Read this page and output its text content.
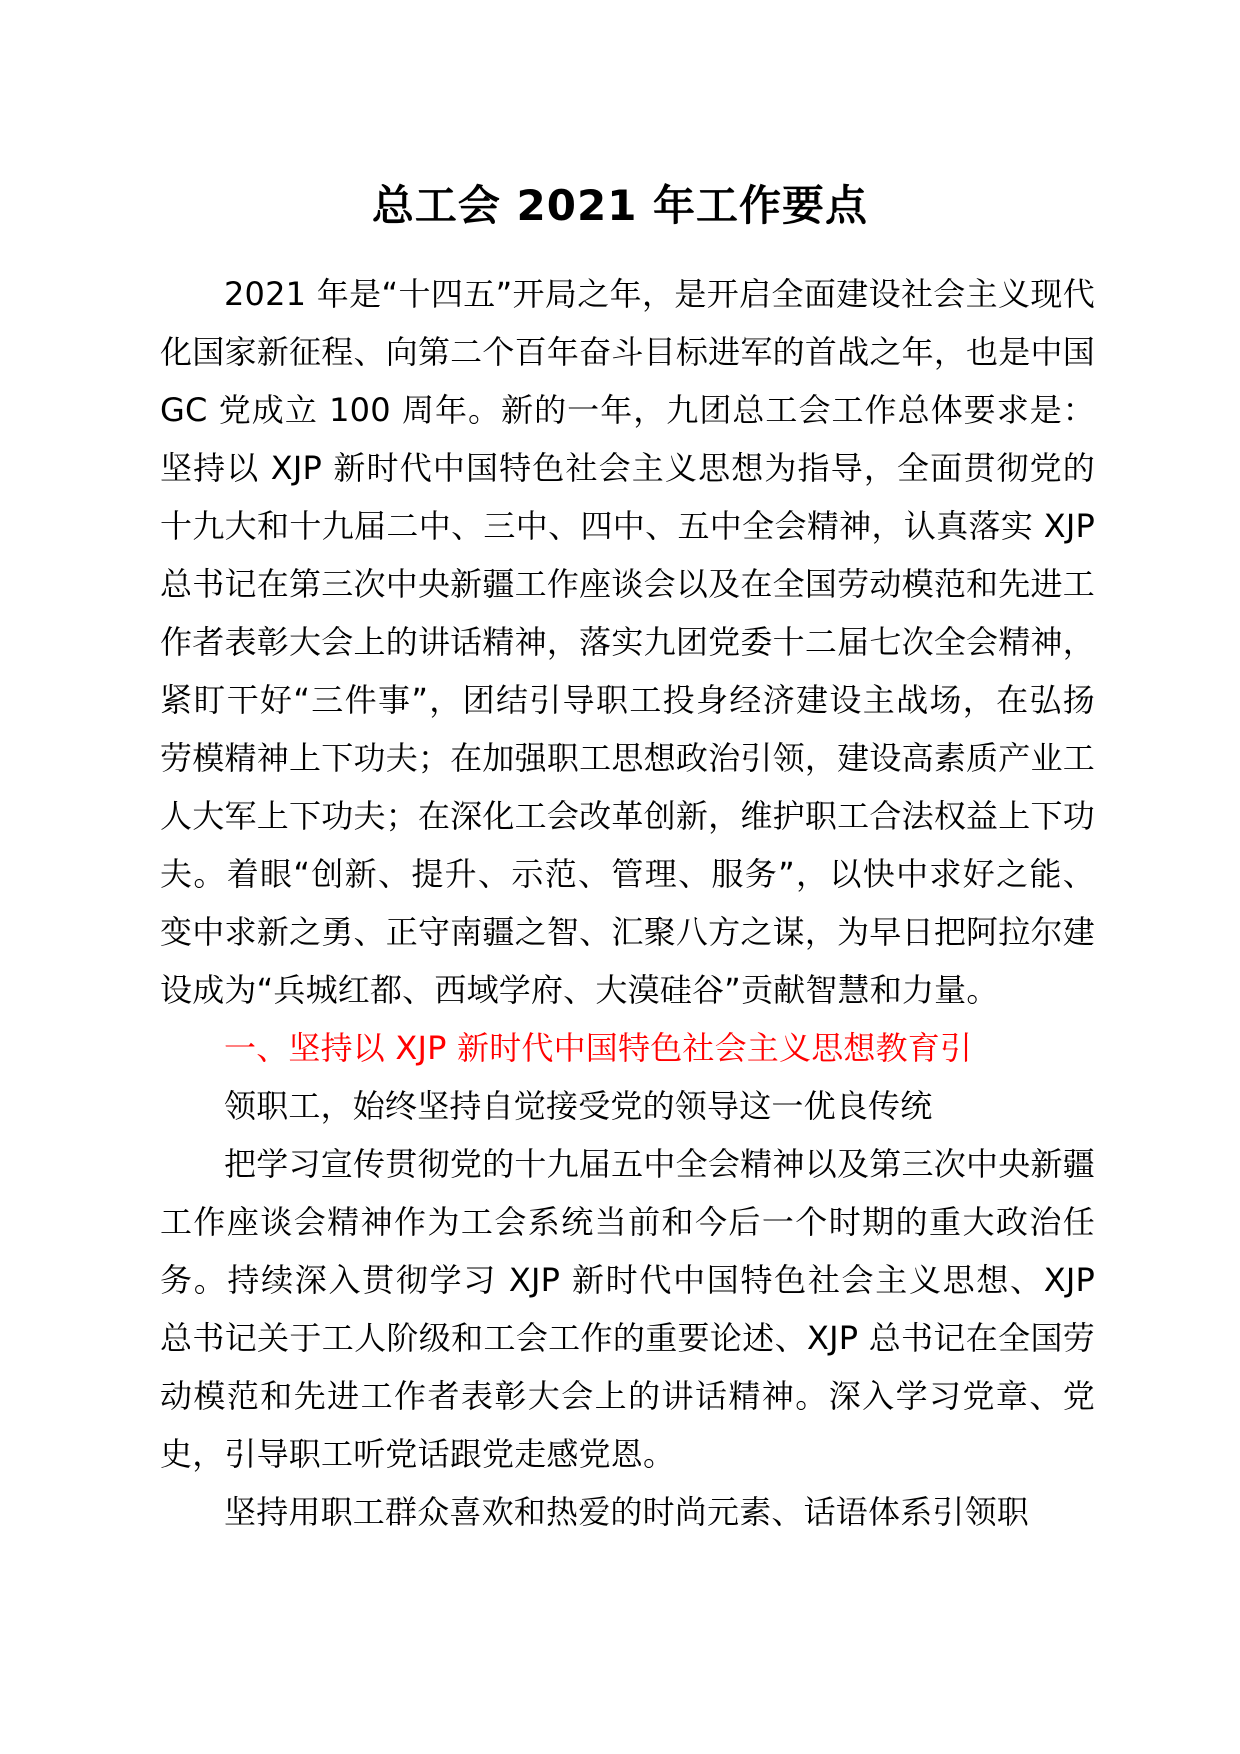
总工会 2021 年工作要点

2021 年是“十四五”开局之年，是开启全面建设社会主义现代化国家新征程、向第二个百年奋斗目标进军的首战之年，也是中国 GC 党成立 100 周年。新的一年，九团总工会工作总体要求是：坚持以 XJP 新时代中国特色社会主义思想为指导，全面贯彻党的十九大和十九届二中、三中、四中、五中全会精神，认真落实 XJP 总书记在第三次中央新疆工作座谈会以及在全国劳动模范和先进工作者表彰大会上的讲话精神，落实九团党委十二届七次全会精神，紧盯干好“三件事”，团结引导职工投身经济建设主战场，在弘扬劳模精神上下功夫；在加强职工思想政治引领，建设高素质产业工人大军上下功夫；在深化工会改革创新，维护职工合法权益上下功夫。着眼“创新、提升、示范、管理、服务”，以快中求好之能、变中求新之勇、正守南疆之智、汇聚八方之谋，为早日把阿拉尔建设成为“兵城红都、西域学府、大漠硅谷”贡献智慧和力量。

一、坚持以 XJP 新时代中国特色社会主义思想教育引

领职工，始终坚持自觉接受党的领导这一优良传统

把学习宣传贯彻党的十九届五中全会精神以及第三次中央新疆工作座谈会精神作为工会系统当前和今后一个时期的重大政治任务。持续深入贯彻学习 XJP 新时代中国特色社会主义思想、XJP 总书记关于工人阶级和工会工作的重要论述、XJP 总书记在全国劳动模范和先进工作者表彰大会上的讲话精神。深入学习党章、党史，引导职工听党话跟党走感党恩。

坚持用职工群众喜欢和热爱的时尚元素、话语体系引领职
